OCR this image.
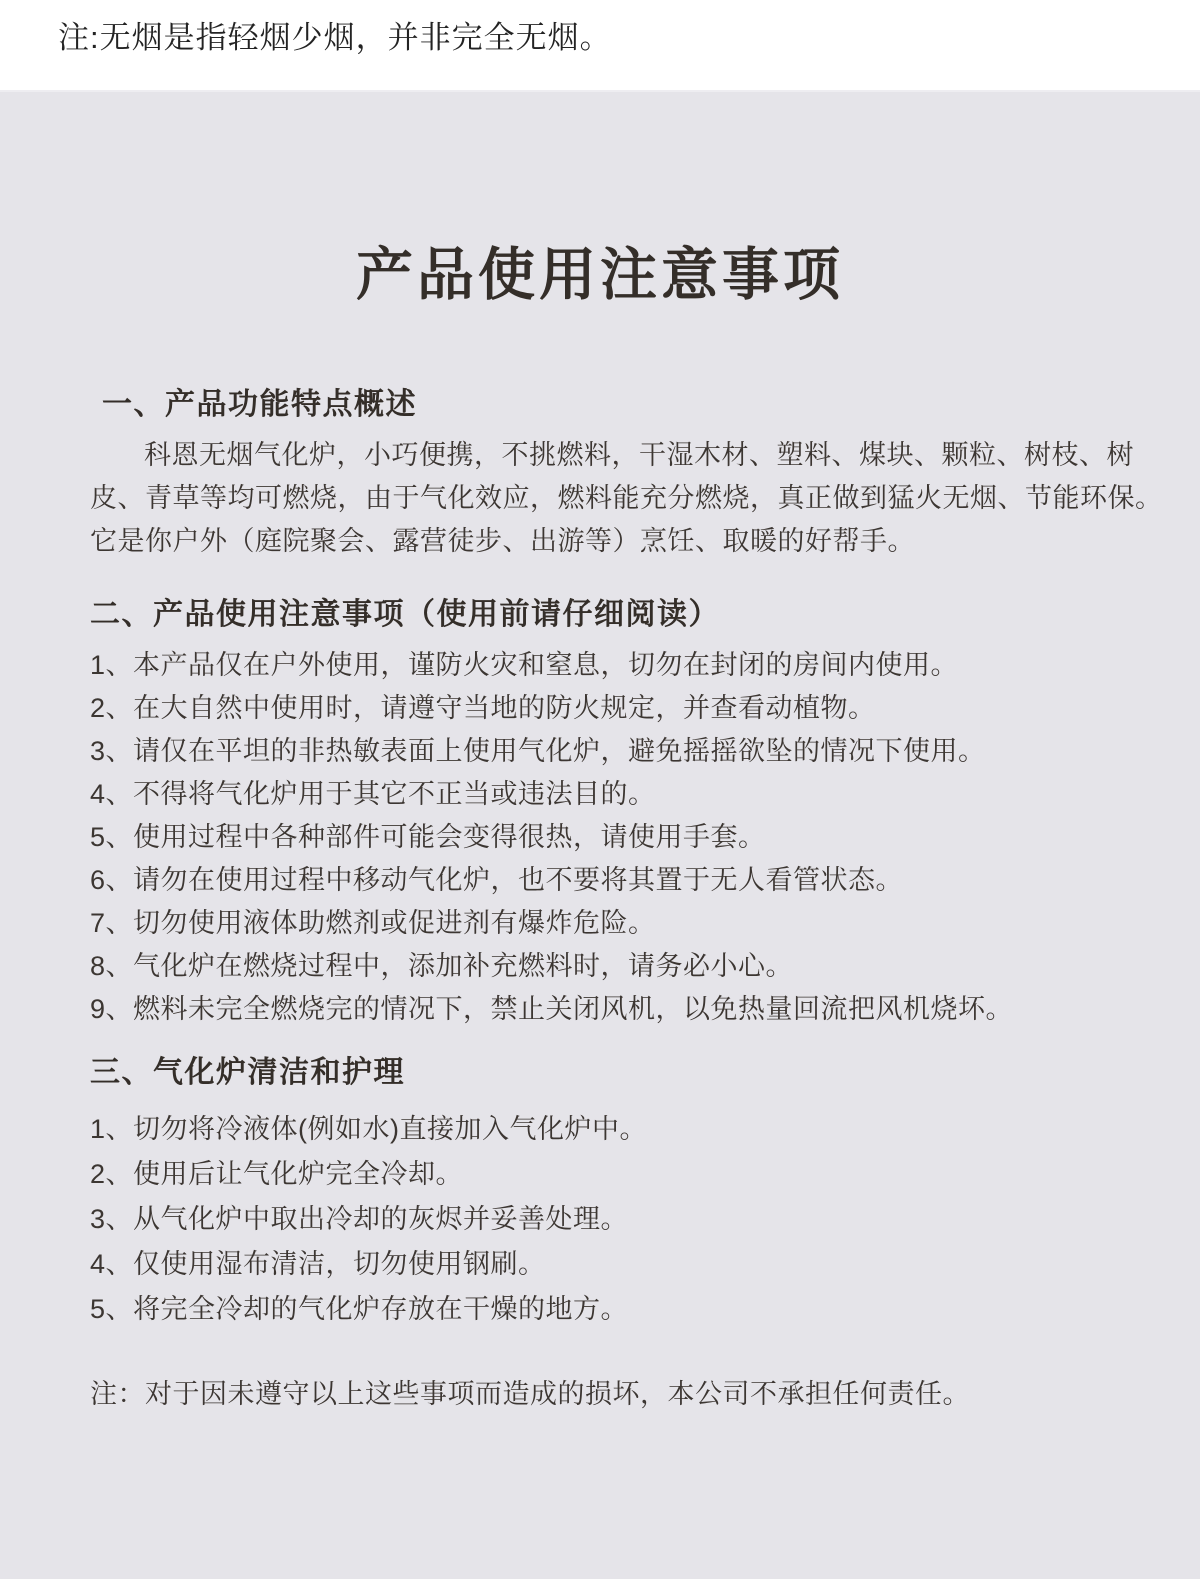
注:无烟是指轻烟少烟，并非完全无烟。
产品使用注意事项
一、产品功能特点概述
科恩无烟气化炉，小巧便携，不挑燃料，干湿木材、塑料、煤块、颗粒、树枝、树
皮、青草等均可燃烧，由于气化效应，燃料能充分燃烧，真正做到猛火无烟、节能环保。
它是你户外（庭院聚会、露营徒步、出游等）烹饪、取暖的好帮手。
二、产品使用注意事项（使用前请仔细阅读）
1、本产品仅在户外使用，谨防火灾和窒息，切勿在封闭的房间内使用。
2、在大自然中使用时，请遵守当地的防火规定，并查看动植物。
3、请仅在平坦的非热敏表面上使用气化炉，避免摇摇欲坠的情况下使用。
4、不得将气化炉用于其它不正当或违法目的。
5、使用过程中各种部件可能会变得很热，请使用手套。
6、请勿在使用过程中移动气化炉，也不要将其置于无人看管状态。
7、切勿使用液体助燃剂或促进剂有爆炸危险。
8、气化炉在燃烧过程中，添加补充燃料时，请务必小心。
9、燃料未完全燃烧完的情况下，禁止关闭风机，以免热量回流把风机烧坏。
三、气化炉清洁和护理
1、切勿将冷液体(例如水)直接加入气化炉中。
2、使用后让气化炉完全冷却。
3、从气化炉中取出冷却的灰烬并妥善处理。
4、仅使用湿布清洁，切勿使用钢刷。
5、将完全冷却的气化炉存放在干燥的地方。
注：对于因未遵守以上这些事项而造成的损坏，本公司不承担任何责任。
